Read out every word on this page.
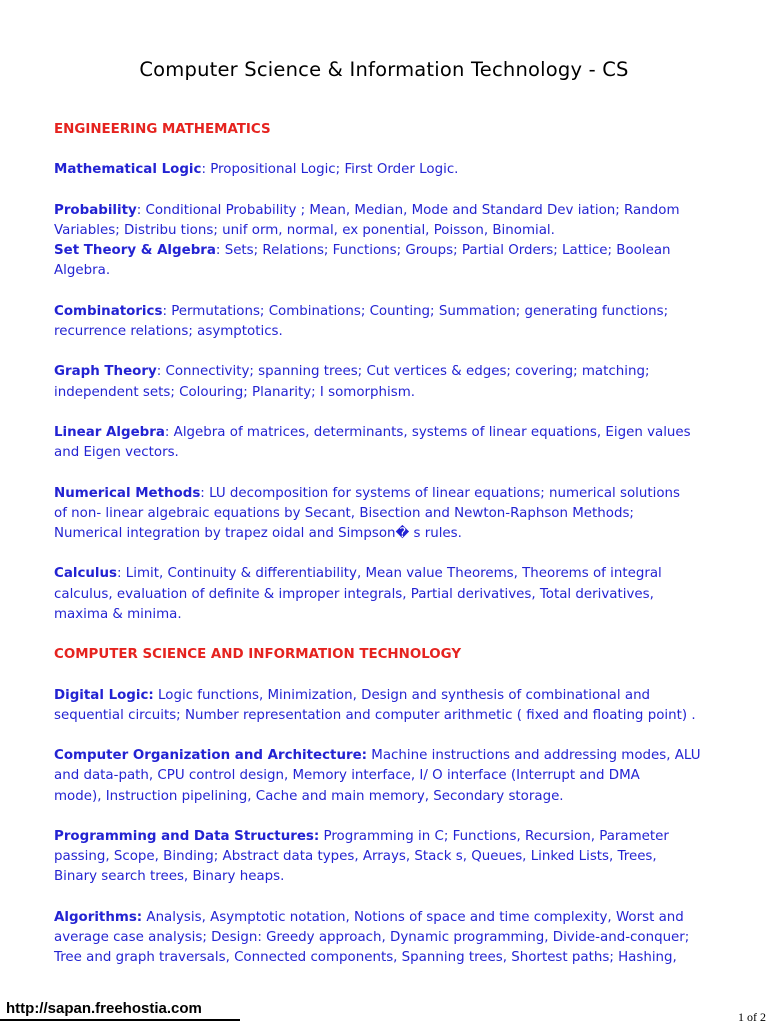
Computer Science & Information Technology - CS
ENGINEERING MATHEMATICS
Mathematical Logic: Propositional Logic; First Order Logic.
Probability: Conditional Probability ; Mean, Median, Mode and Standard Dev iation; Random
Variables; Distribu tions; unif orm, normal, ex ponential, Poisson, Binomial.
Set Theory & Algebra: Sets; Relations; Functions; Groups; Partial Orders; Lattice; Boolean
Algebra.
Combinatorics: Permutations; Combinations; Counting; Summation; generating functions;
recurrence relations; asymptotics.
Graph Theory: Connectivity; spanning trees; Cut vertices & edges; covering; matching;
independent sets; Colouring; Planarity; I somorphism.
Linear Algebra: Algebra of matrices, determinants, systems of linear equations, Eigen values
and Eigen vectors.
Numerical Methods: LU decomposition for systems of linear equations; numerical solutions
of non- linear algebraic equations by Secant, Bisection and Newton-Raphson Methods;
Numerical integration by trapez oidal and Simpson� s rules.
Calculus: Limit, Continuity & differentiability, Mean value Theorems, Theorems of integral
calculus, evaluation of definite & improper integrals, Partial derivatives, Total derivatives,
maxima & minima.
COMPUTER SCIENCE AND INFORMATION TECHNOLOGY
Digital Logic: Logic functions, Minimization, Design and synthesis of combinational and
sequential circuits; Number representation and computer arithmetic ( fixed and floating point) .
Computer Organization and Architecture: Machine instructions and addressing modes, ALU
and data-path, CPU control design, Memory interface, I/ O interface (Interrupt and DMA
mode), Instruction pipelining, Cache and main memory, Secondary storage.
Programming and Data Structures: Programming in C; Functions, Recursion, Parameter
passing, Scope, Binding; Abstract data types, Arrays, Stack s, Queues, Linked Lists, Trees,
Binary search trees, Binary heaps.
Algorithms: Analysis, Asymptotic notation, Notions of space and time complexity, Worst and
average case analysis; Design: Greedy approach, Dynamic programming, Divide-and-conquer;
Tree and graph traversals, Connected components, Spanning trees, Shortest paths; Hashing,
http://sapan.freehostia.com	1 of 2
